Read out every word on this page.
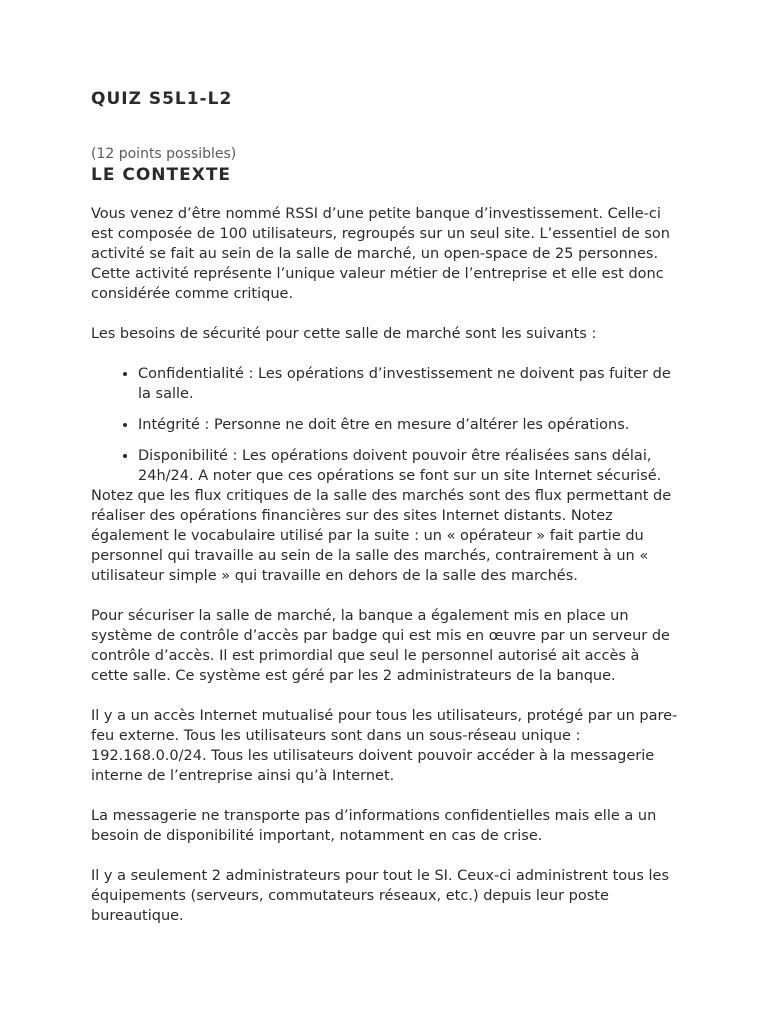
QUIZ S5L1-L2
(12 points possibles)
LE CONTEXTE

Vous venez d’être nommé RSSI d’une petite banque d’investissement. Celle-ci est composée de 100 utilisateurs, regroupés sur un seul site. L’essentiel de son activité se fait au sein de la salle de marché, un open-space de 25 personnes. Cette activité représente l’unique valeur métier de l’entreprise et elle est donc considérée comme critique.

Les besoins de sécurité pour cette salle de marché sont les suivants :

• Confidentialité : Les opérations d’investissement ne doivent pas fuiter de la salle.
• Intégrité : Personne ne doit être en mesure d’altérer les opérations.
• Disponibilité : Les opérations doivent pouvoir être réalisées sans délai, 24h/24. A noter que ces opérations se font sur un site Internet sécurisé.

Notez que les flux critiques de la salle des marchés sont des flux permettant de réaliser des opérations financières sur des sites Internet distants. Notez également le vocabulaire utilisé par la suite : un « opérateur » fait partie du personnel qui travaille au sein de la salle des marchés, contrairement à un « utilisateur simple » qui travaille en dehors de la salle des marchés.

Pour sécuriser la salle de marché, la banque a également mis en place un système de contrôle d’accès par badge qui est mis en œuvre par un serveur de contrôle d’accès. Il est primordial que seul le personnel autorisé ait accès à cette salle. Ce système est géré par les 2 administrateurs de la banque.

Il y a un accès Internet mutualisé pour tous les utilisateurs, protégé par un pare-feu externe. Tous les utilisateurs sont dans un sous-réseau unique : 192.168.0.0/24. Tous les utilisateurs doivent pouvoir accéder à la messagerie interne de l’entreprise ainsi qu’à Internet.

La messagerie ne transporte pas d’informations confidentielles mais elle a un besoin de disponibilité important, notamment en cas de crise.

Il y a seulement 2 administrateurs pour tout le SI. Ceux-ci administrent tous les équipements (serveurs, commutateurs réseaux, etc.) depuis leur poste bureautique.
